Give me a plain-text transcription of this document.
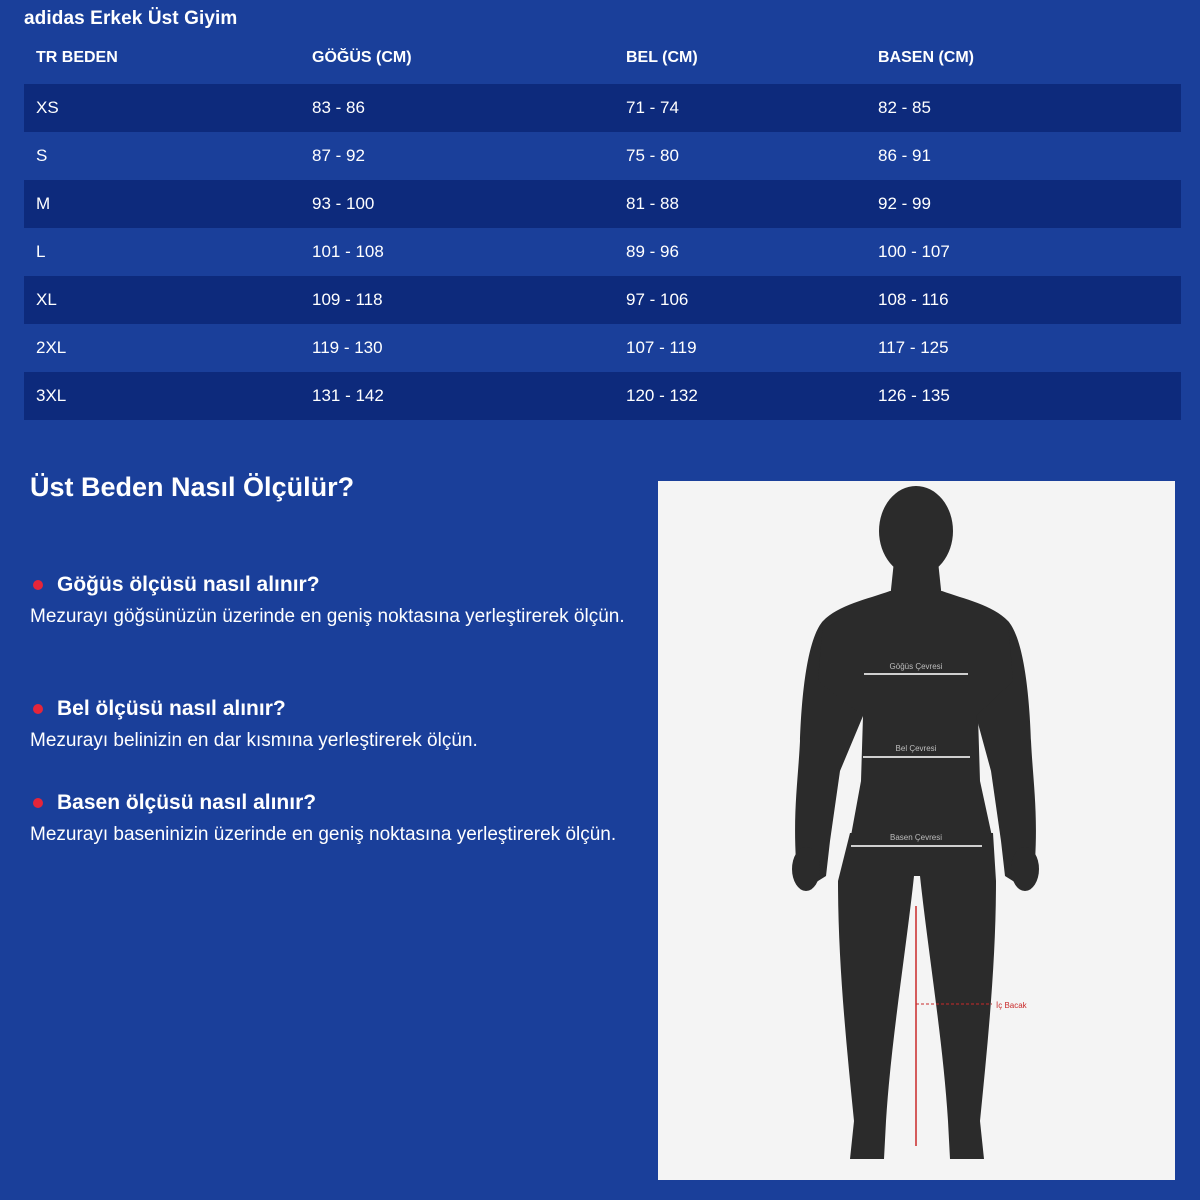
adidas Erkek Üst Giyim
TR BEDEN	GÖĞÜS (CM)	BEL (CM)	BASEN (CM)
XS	83 - 86	71 - 74	82 - 85
S	87 - 92	75 - 80	86 - 91
M	93 - 100	81 - 88	92 - 99
L	101 - 108	89 - 96	100 - 107
XL	109 - 118	97 - 106	108 - 116
2XL	119 - 130	107 - 119	117 - 125
3XL	131 - 142	120 - 132	126 - 135
Üst Beden Nasıl Ölçülür?
Göğüs ölçüsü nasıl alınır?
Mezurayı göğsünüzün üzerinde en geniş noktasına yerleştirerek ölçün.
Bel ölçüsü nasıl alınır?
Mezurayı belinizin en dar kısmına yerleştirerek ölçün.
Basen ölçüsü nasıl alınır?
Mezurayı baseninizin üzerinde en geniş noktasına yerleştirerek ölçün.
Göğüs Çevresi
Bel Çevresi
Basen Çevresi
İç Bacak
